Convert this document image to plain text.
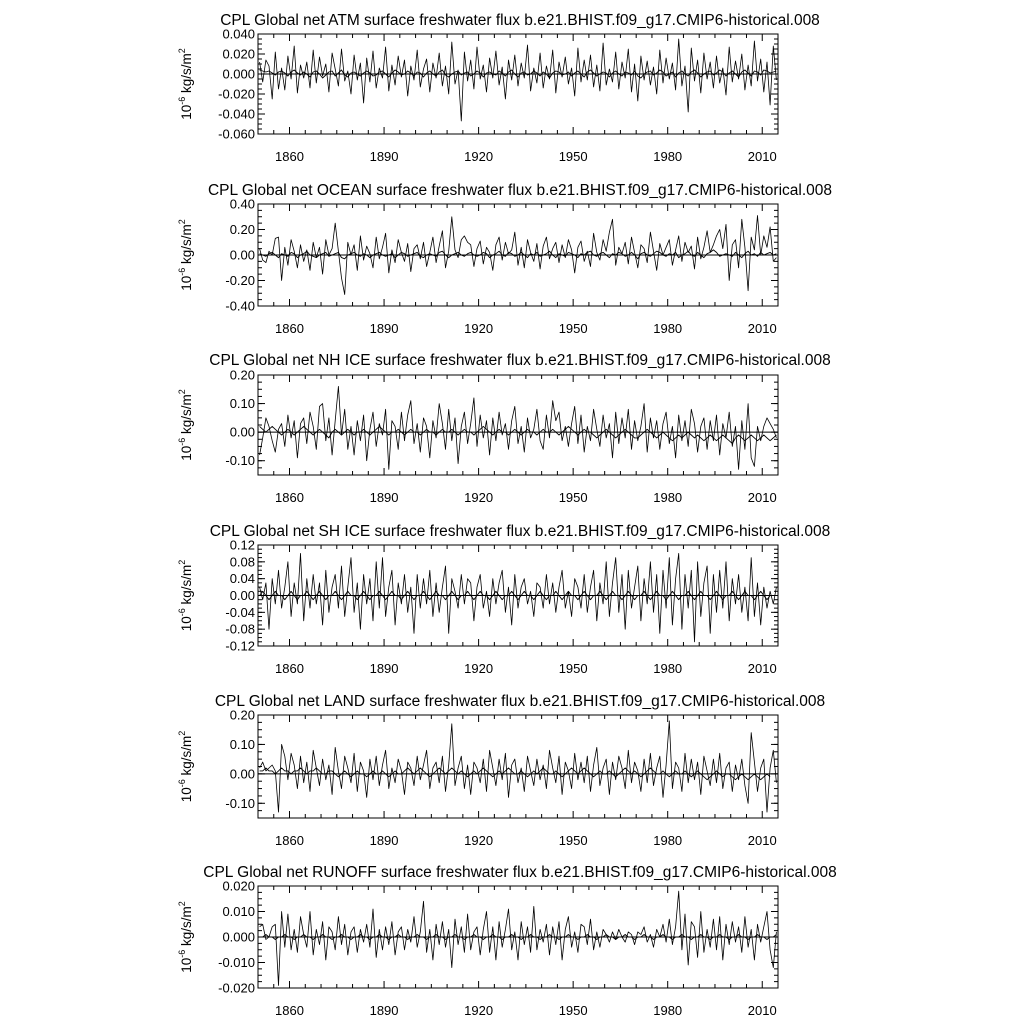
CPL Global net ATM surface freshwater flux b.e21.BHIST.f09_g17.CMIP6-historical.008
$10^{-6}$ $kg/s/m^2$
1860	1890	1920	1950	1980	2010
-0.060
-0.040
-0.020
0.000
0.020
0.040
CPL Global net OCEAN surface freshwater flux b.e21.BHIST.f09_g17.CMIP6-historical.008
$10^{-6}$ $kg/s/m^2$
1860	1890	1920	1950	1980	2010
-0.40
-0.20
0.00
0.20
0.40
CPL Global net NH ICE surface freshwater flux b.e21.BHIST.f09_g17.CMIP6-historical.008
$10^{-6}$ $kg/s/m^2$
1860	1890	1920	1950	1980	2010
-0.10
0.00
0.10
0.20
CPL Global net SH ICE surface freshwater flux b.e21.BHIST.f09_g17.CMIP6-historical.008
$10^{-6}$ $kg/s/m^2$
1860	1890	1920	1950	1980	2010
-0.12
-0.08
-0.04
0.00
0.04
0.08
0.12
CPL Global net LAND surface freshwater flux b.e21.BHIST.f09_g17.CMIP6-historical.008
$10^{-6}$ $kg/s/m^2$
1860	1890	1920	1950	1980	2010
-0.10
0.00
0.10
0.20
CPL Global net RUNOFF surface freshwater flux b.e21.BHIST.f09_g17.CMIP6-historical.008
$10^{-6}$ $kg/s/m^2$
1860	1890	1920	1950	1980	2010
-0.020
-0.010
0.000
0.010
0.020
